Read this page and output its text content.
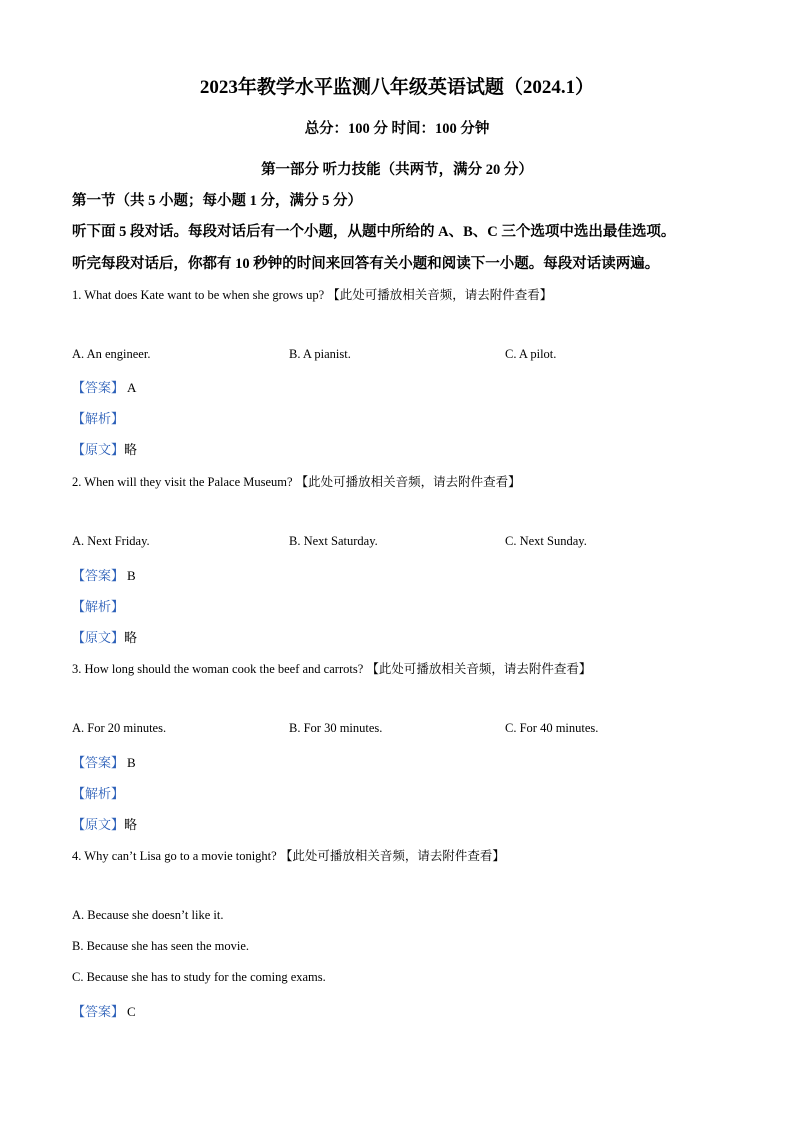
2023年教学水平监测八年级英语试题（2024.1）
总分：100 分 时间：100 分钟
第一部分 听力技能（共两节，满分 20 分）
第一节（共 5 小题；每小题 1 分，满分 5 分）
听下面 5 段对话。每段对话后有一个小题，从题中所给的 A、B、C 三个选项中选出最佳选项。
听完每段对话后，你都有 10 秒钟的时间来回答有关小题和阅读下一小题。每段对话读两遍。
1. What does Kate want to be when she grows up? 【此处可播放相关音频，请去附件查看】
A. An engineer.	B. A pianist.	C. A pilot.
【答案】 A
【解析】
【原文】略
2. When will they visit the Palace Museum? 【此处可播放相关音频，请去附件查看】
A. Next Friday.	B. Next Saturday.	C. Next Sunday.
【答案】 B
【解析】
【原文】略
3. How long should the woman cook the beef and carrots? 【此处可播放相关音频，请去附件查看】
A. For 20 minutes.	B. For 30 minutes.	C. For 40 minutes.
【答案】 B
【解析】
【原文】略
4. Why can’t Lisa go to a movie tonight? 【此处可播放相关音频，请去附件查看】
A. Because she doesn’t like it.
B. Because she has seen the movie.
C. Because she has to study for the coming exams.
【答案】 C
